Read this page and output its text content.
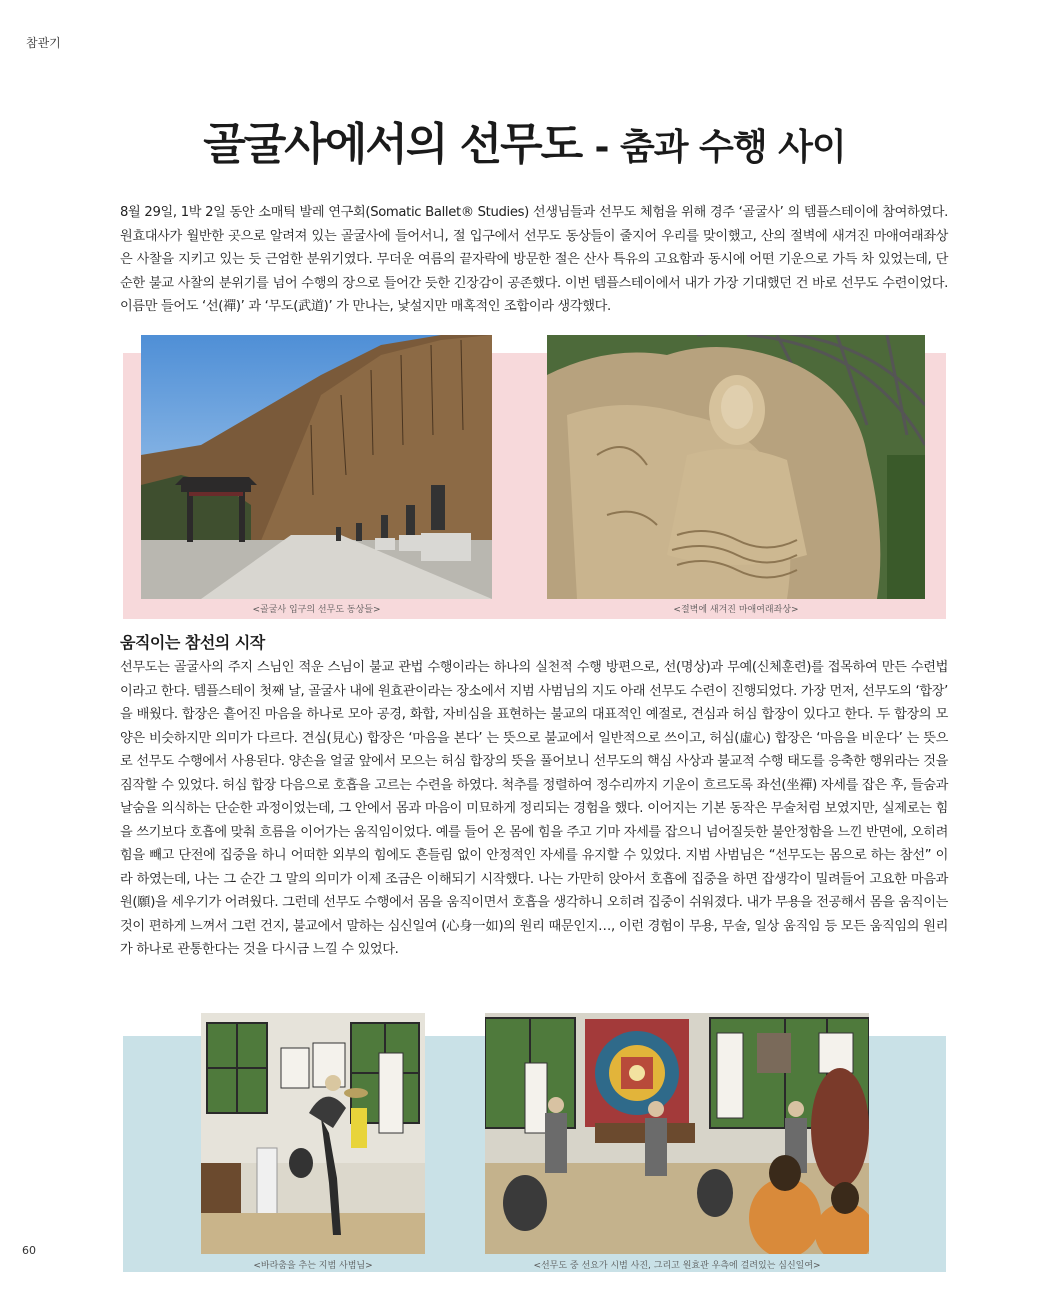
참관기
골굴사에서의 선무도 - 춤과 수행 사이

8월 29일, 1박 2일 동안 소매틱 발레 연구회(Somatic Ballet® Studies) 선생님들과 선무도 체험을 위해 경주 ‘골굴사’ 의 템플스테이에 참여하였다. 원효대사가 월반한 곳으로 알려져 있는 골굴사에 들어서니, 절 입구에서 선무도 동상들이 줄지어 우리를 맞이했고, 산의 절벽에 새겨진 마애여래좌상은 사찰을 지키고 있는 듯 근엄한 분위기였다. 무더운 여름의 끝자락에 방문한 절은 산사 특유의 고요함과 동시에 어떤 기운으로 가득 차 있었는데, 단순한 불교 사찰의 분위기를 넘어 수행의 장으로 들어간 듯한 긴장감이 공존했다. 이번 템플스테이에서 내가 가장 기대했던 건 바로 선무도 수련이었다. 이름만 들어도 ‘선(禪)’ 과 ‘무도(武道)’ 가 만나는, 낯설지만 매혹적인 조합이라 생각했다.

<골굴사 입구의 선무도 동상들>	<절벽에 새겨진 마애여래좌상>
움직이는 참선의 시작

선무도는 골굴사의 주지 스님인 적운 스님이 불교 관법 수행이라는 하나의 실천적 수행 방편으로, 선(명상)과 무예(신체훈련)를 접목하여 만든 수련법이라고 한다. 템플스테이 첫째 날, 골굴사 내에 원효관이라는 장소에서 지범 사범님의 지도 아래 선무도 수련이 진행되었다. 가장 먼저, 선무도의 ‘합장’ 을 배웠다. 합장은 흩어진 마음을 하나로 모아 공경, 화합, 자비심을 표현하는 불교의 대표적인 예절로, 견심과 허심 합장이 있다고 한다. 두 합장의 모양은 비슷하지만 의미가 다르다. 견심(見心) 합장은 ‘마음을 본다’ 는 뜻으로 불교에서 일반적으로 쓰이고, 허심(虛心) 합장은 ‘마음을 비운다’ 는 뜻으로 선무도 수행에서 사용된다. 양손을 얼굴 앞에서 모으는 허심 합장의 뜻을 풀어보니 선무도의 핵심 사상과 불교적 수행 태도를 응축한 행위라는 것을 짐작할 수 있었다. 허심 합장 다음으로 호흡을 고르는 수련을 하였다. 척추를 정렬하여 정수리까지 기운이 흐르도록 좌선(坐禪) 자세를 잡은 후, 들숨과 날숨을 의식하는 단순한 과정이었는데, 그 안에서 몸과 마음이 미묘하게 정리되는 경험을 했다. 이어지는 기본 동작은 무술처럼 보였지만, 실제로는 힘을 쓰기보다 호흡에 맞춰 흐름을 이어가는 움직임이었다. 예를 들어 온 몸에 힘을 주고 기마 자세를 잡으니 넘어질듯한 불안정함을 느낀 반면에, 오히려 힘을 빼고 단전에 집중을 하니 어떠한 외부의 힘에도 흔들림 없이 안정적인 자세를 유지할 수 있었다. 지범 사범님은 “선무도는 몸으로 하는 참선” 이라 하였는데, 나는 그 순간 그 말의 의미가 이제 조금은 이해되기 시작했다. 나는 가만히 앉아서 호흡에 집중을 하면 잡생각이 밀려들어 고요한 마음과 원(願)을 세우기가 어려웠다. 그런데 선무도 수행에서 몸을 움직이면서 호흡을 생각하니 오히려 집중이 쉬워졌다. 내가 무용을 전공해서 몸을 움직이는 것이 편하게 느껴서 그런 건지, 불교에서 말하는 심신일여 (心身一如)의 원리 때문인지…, 이런 경험이 무용, 무술, 일상 움직임 등 모든 움직임의 원리가 하나로 관통한다는 것을 다시금 느낄 수 있었다.

<바라춤을 추는 지범 사범님>	<선무도 중 선요가 시범 사진, 그리고 원효관 우측에 걸려있는 심신일여>
60
